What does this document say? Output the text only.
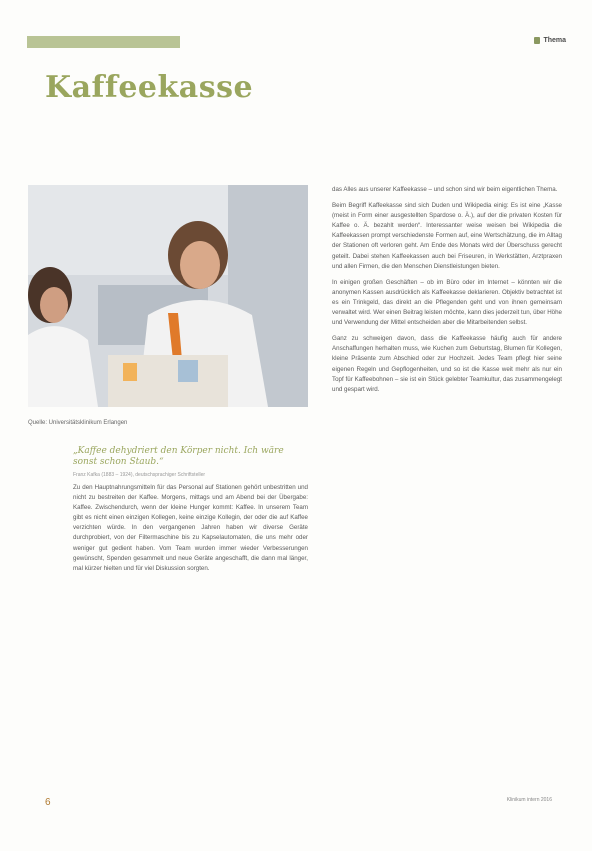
Thema
Kaffeekasse
Quelle: Universitätsklinikum Erlangen
„Kaffee dehydriert den Körper nicht. Ich wäre sonst schon Staub.“
Franz Kafka (1883 – 1924), deutschsprachiger Schriftsteller

Zu den Hauptnahrungsmitteln für das Personal auf Stationen gehört unbestritten und nicht zu bestreiten der Kaffee. Morgens, mittags und am Abend bei der Übergabe: Kaffee. Zwischendurch, wenn der kleine Hunger kommt: Kaffee. In unserem Team gibt es nicht einen einzigen Kollegen, keine einzige Kollegin, der oder die auf Kaffee verzichten würde. In den vergangenen Jahren haben wir diverse Geräte durchprobiert, von der Filtermaschine bis zu Kapselautomaten, die uns mehr oder weniger gut gedient haben. Vom Team wurden immer wieder Verbesserungen gewünscht, Spenden gesammelt und neue Geräte angeschafft, die dann mal länger, mal kürzer hielten und für viel Diskussion sorgten.

das Alles aus unserer Kaffeekasse – und schon sind wir beim eigentlichen Thema.

Beim Begriff Kaffeekasse sind sich Duden und Wikipedia einig: Es ist eine „Kasse (meist in Form einer ausgestellten Spardose o. Ä.), auf der die privaten Kosten für Kaffee o. Ä. bezahlt werden“. Interessanter weise weisen bei Wikipedia die Kaffeekassen prompt verschiedenste Formen auf, eine Wertschätzung, die im Alltag der Stationen oft verloren geht. Am Ende des Monats wird der Überschuss gerecht geteilt. Dabei stehen Kaffeekassen auch bei Friseuren, in Werkstätten, Arztpraxen und allen Firmen, die den Menschen Dienstleistungen bieten.

In einigen großen Geschäften – ob im Büro oder im Internet – könnten wir die anonymen Kassen ausdrücklich als Kaffeekasse deklarieren. Objektiv betrachtet ist es ein Trinkgeld, das direkt an die Pflegenden geht und von ihnen gemeinsam verwaltet wird. Wer einen Beitrag leisten möchte, kann dies jederzeit tun, über Höhe und Verwendung der Mittel entscheiden aber die Mitarbeitenden selbst.

Ganz zu schweigen davon, dass die Kaffeekasse häufig auch für andere Anschaffungen herhalten muss, wie Kuchen zum Geburtstag, Blumen für Kollegen, kleine Präsente zum Abschied oder zur Hochzeit. Jedes Team pflegt hier seine eigenen Regeln und Gepflogenheiten, und so ist die Kasse weit mehr als nur ein Topf für Kaffeebohnen – sie ist ein Stück gelebter Teamkultur, das zusammengelegt und gespart wird.

6	Klinikum intern 2016
